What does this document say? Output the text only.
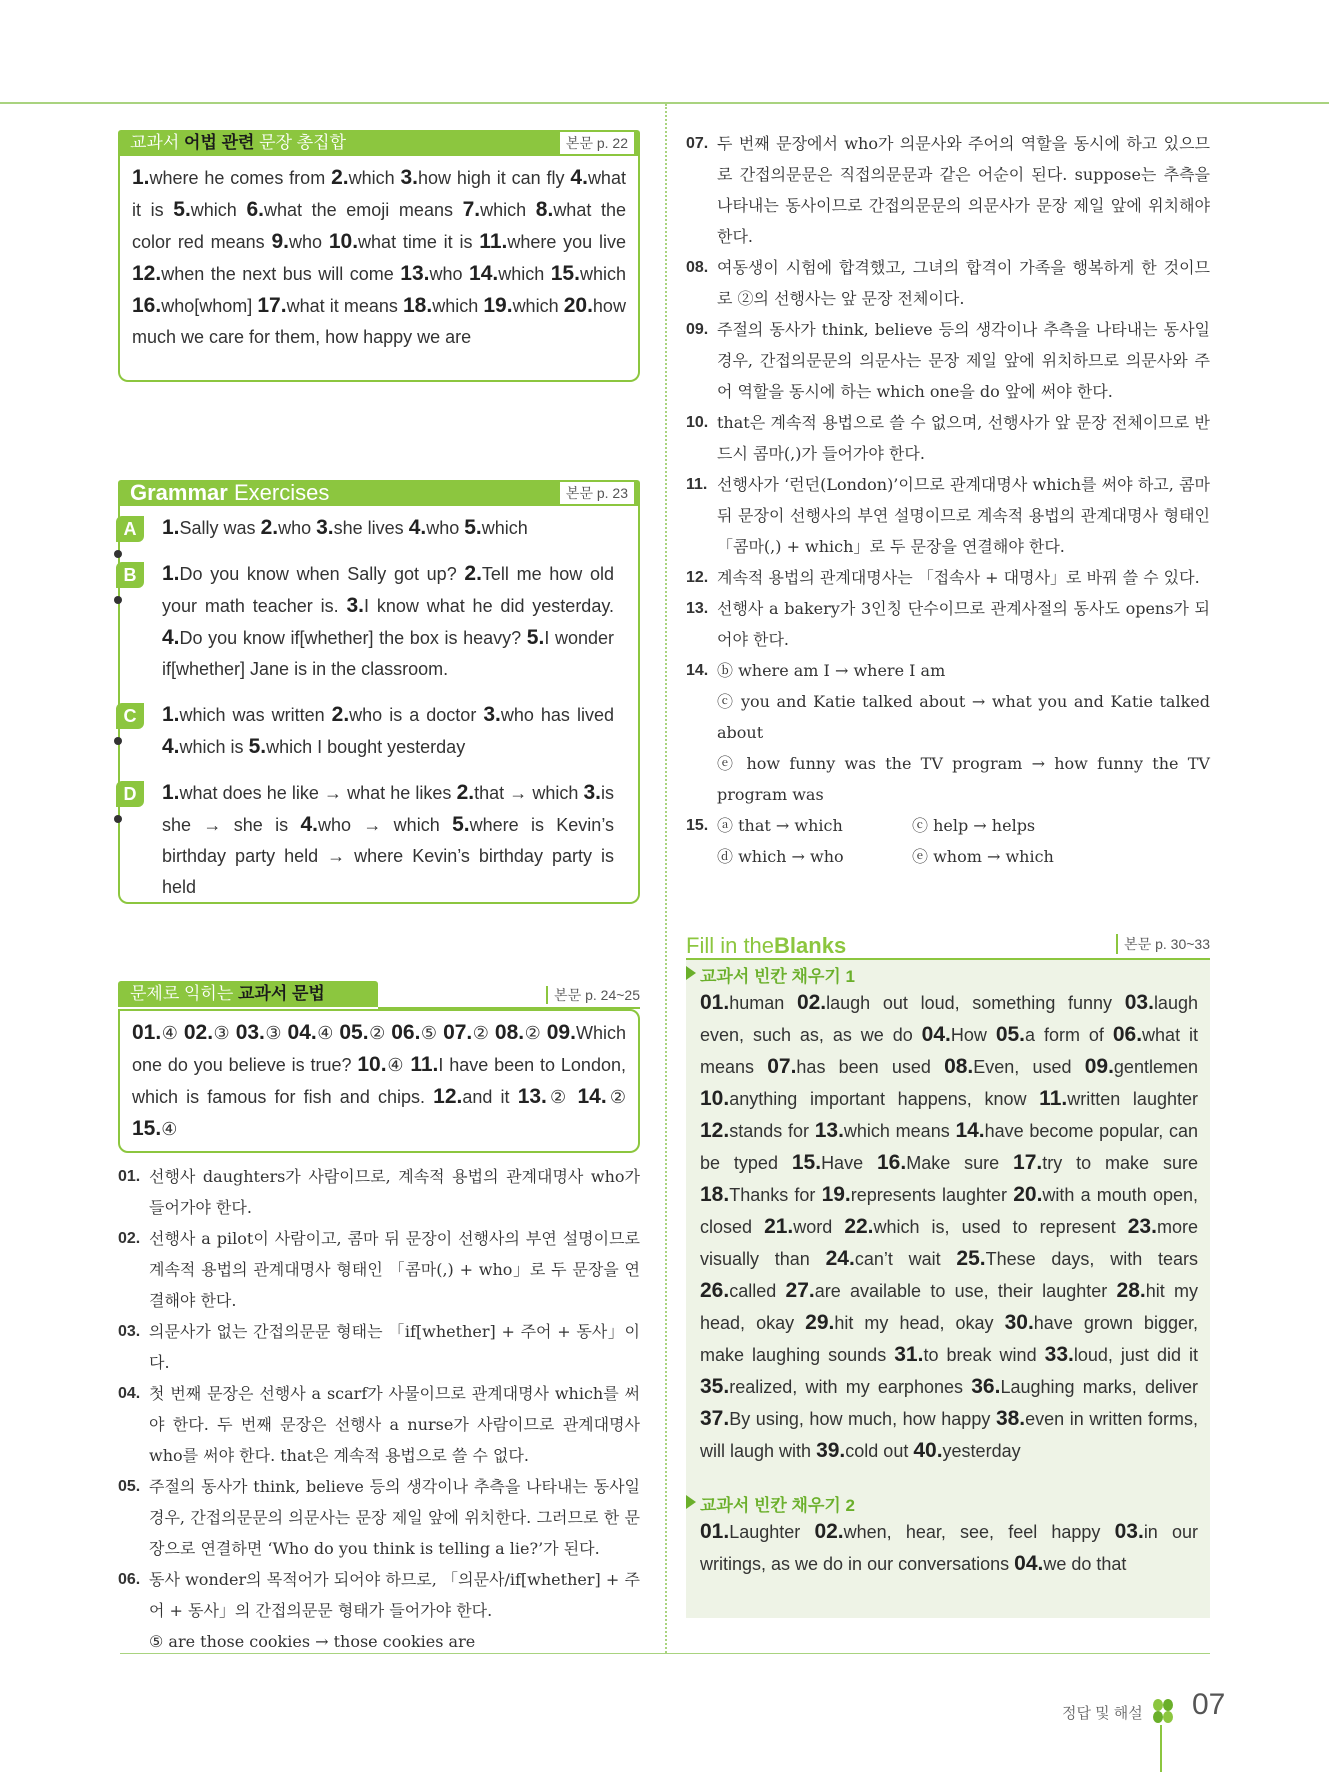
교과서 어법 관련 문장 총집합	본문 p. 22
1.where he comes from 2.which 3.how high it can fly 4.what it is 5.which 6.what the emoji means 7.which 8.what the color red means 9.who 10.what time it is 11.where you live 12.when the next bus will come 13.who 14.which 15.which 16.who[whom] 17.what it means 18.which 19.which 20.how much we care for them, how happy we are
Grammar Exercises	본문 p. 23
A	1.Sally was 2.who 3.she lives 4.who 5.which
B	1.Do you know when Sally got up? 2.Tell me how old your math teacher is. 3.I know what he did yesterday. 4.Do you know if[whether] the box is heavy? 5.I wonder if[whether] Jane is in the classroom.
C	1.which was written 2.who is a doctor 3.who has lived 4.which is 5.which I bought yesterday
D	1.what does he like → what he likes 2.that → which 3.is she → she is 4.who → which 5.where is Kevin’s birthday party held → where Kevin’s birthday party is held
문제로 익히는 교과서 문법	본문 p. 24~25
01.④ 02.③ 03.③ 04.④ 05.② 06.⑤ 07.② 08.② 09.Which one do you believe is true? 10.④ 11.I have been to London, which is famous for fish and chips. 12.and it 13.② 14.② 15.④
01. 선행사 daughters가 사람이므로, 계속적 용법의 관계대명사 who가 들어가야 한다.
02. 선행사 a pilot이 사람이고, 콤마 뒤 문장이 선행사의 부연 설명이므로 계속적 용법의 관계대명사 형태인 「콤마(,) + who」로 두 문장을 연결해야 한다.
03. 의문사가 없는 간접의문문 형태는 「if[whether] + 주어 + 동사」이다.
04. 첫 번째 문장은 선행사 a scarf가 사물이므로 관계대명사 which를 써야 한다. 두 번째 문장은 선행사 a nurse가 사람이므로 관계대명사 who를 써야 한다. that은 계속적 용법으로 쓸 수 없다.
05. 주절의 동사가 think, believe 등의 생각이나 추측을 나타내는 동사일 경우, 간접의문문의 의문사는 문장 제일 앞에 위치한다. 그러므로 한 문장으로 연결하면 ‘Who do you think is telling a lie?’가 된다.
06. 동사 wonder의 목적어가 되어야 하므로, 「의문사/if[whether] + 주어 + 동사」의 간접의문문 형태가 들어가야 한다.
⑤ are those cookies → those cookies are
07. 두 번째 문장에서 who가 의문사와 주어의 역할을 동시에 하고 있으므로 간접의문문은 직접의문문과 같은 어순이 된다. suppose는 추측을 나타내는 동사이므로 간접의문문의 의문사가 문장 제일 앞에 위치해야 한다.
08. 여동생이 시험에 합격했고, 그녀의 합격이 가족을 행복하게 한 것이므로 ②의 선행사는 앞 문장 전체이다.
09. 주절의 동사가 think, believe 등의 생각이나 추측을 나타내는 동사일 경우, 간접의문문의 의문사는 문장 제일 앞에 위치하므로 의문사와 주어 역할을 동시에 하는 which one을 do 앞에 써야 한다.
10. that은 계속적 용법으로 쓸 수 없으며, 선행사가 앞 문장 전체이므로 반드시 콤마(,)가 들어가야 한다.
11. 선행사가 ‘런던(London)’이므로 관계대명사 which를 써야 하고, 콤마 뒤 문장이 선행사의 부연 설명이므로 계속적 용법의 관계대명사 형태인 「콤마(,) + which」로 두 문장을 연결해야 한다.
12. 계속적 용법의 관계대명사는 「접속사 + 대명사」로 바꿔 쓸 수 있다.
13. 선행사 a bakery가 3인칭 단수이므로 관계사절의 동사도 opens가 되어야 한다.
14. ⓑ where am I → where I am
ⓒ you and Katie talked about → what you and Katie talked about
ⓔ how funny was the TV program → how funny the TV program was
15. ⓐ that → which	ⓒ help → helps
ⓓ which → who	ⓔ whom → which
Fill in theBlanks	본문 p. 30~33
교과서 빈칸 채우기 1
01.human 02.laugh out loud, something funny 03.laugh even, such as, as we do 04.How 05.a form of 06.what it means 07.has been used 08.Even, used 09.gentlemen 10.anything important happens, know 11.written laughter 12.stands for 13.which means 14.have become popular, can be typed 15.Have 16.Make sure 17.try to make sure 18.Thanks for 19.represents laughter 20.with a mouth open, closed 21.word 22.which is, used to represent 23.more visually than 24.can’t wait 25.These days, with tears 26.called 27.are available to use, their laughter 28.hit my head, okay 29.hit my head, okay 30.have grown bigger, make laughing sounds 31.to break wind 33.loud, just did it 35.realized, with my earphones 36.Laughing marks, deliver 37.By using, how much, how happy 38.even in written forms, will laugh with 39.cold out 40.yesterday
교과서 빈칸 채우기 2
01.Laughter 02.when, hear, see, feel happy 03.in our writings, as we do in our conversations 04.we do that
정답 및 해설 07
